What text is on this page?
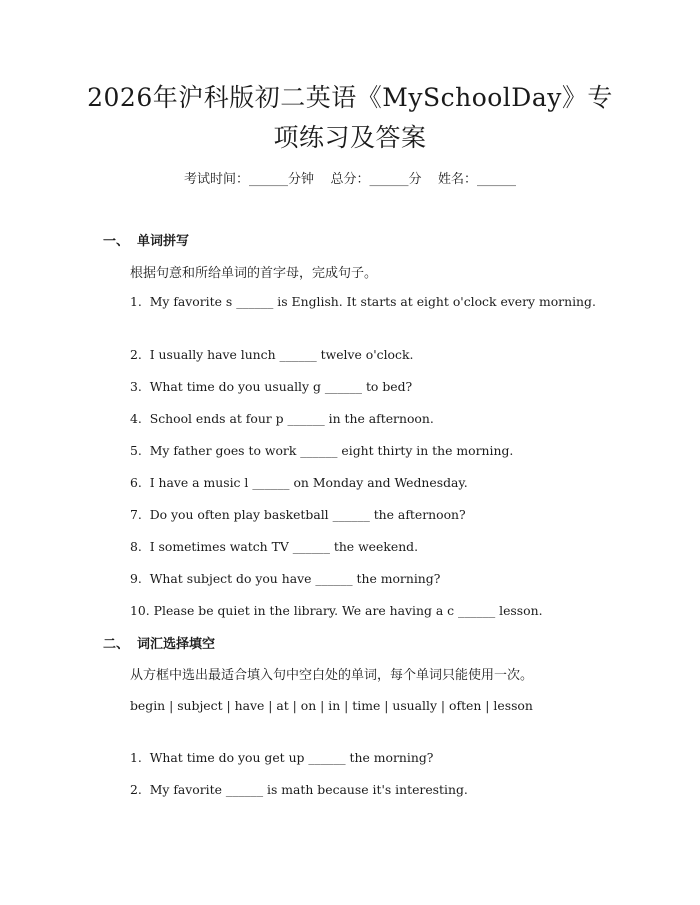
2026年沪科版初二英语《MySchoolDay》专
项练习及答案
考试时间：______分钟    总分：______分    姓名：______
一、 单词拼写
根据句意和所给单词的首字母，完成句子。
1.  My favorite s ______ is English. It starts at eight o'clock every morning.
2.  I usually have lunch ______ twelve o'clock.
3.  What time do you usually g ______ to bed?
4.  School ends at four p ______ in the afternoon.
5.  My father goes to work ______ eight thirty in the morning.
6.  I have a music l ______ on Monday and Wednesday.
7.  Do you often play basketball ______ the afternoon?
8.  I sometimes watch TV ______ the weekend.
9.  What subject do you have ______ the morning?
10. Please be quiet in the library. We are having a c ______ lesson.
二、 词汇选择填空
从方框中选出最适合填入句中空白处的单词，每个单词只能使用一次。
begin | subject | have | at | on | in | time | usually | often | lesson
1.  What time do you get up ______ the morning?
2.  My favorite ______ is math because it's interesting.
